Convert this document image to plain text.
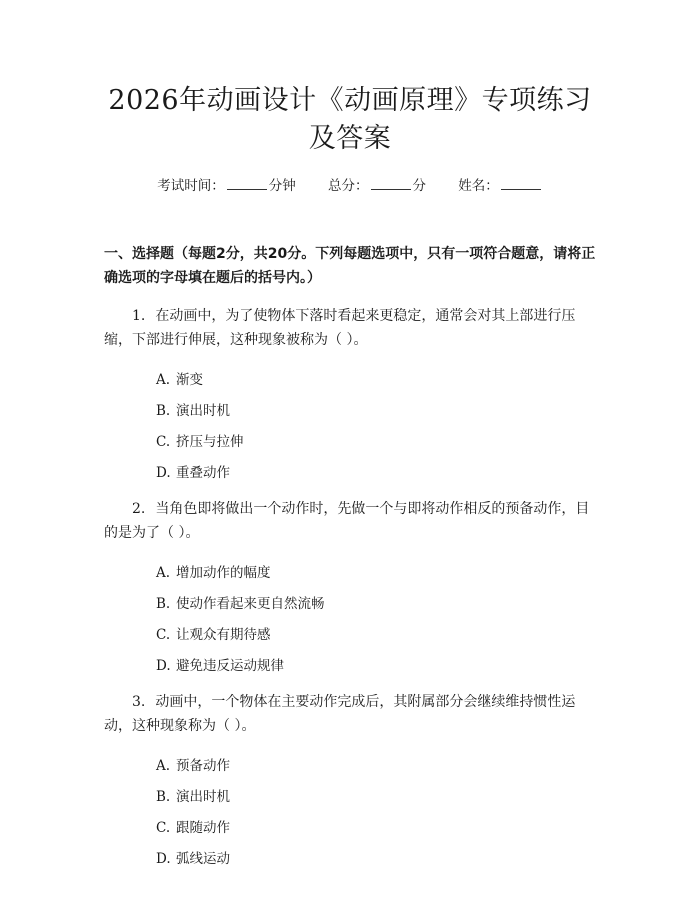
2026年动画设计《动画原理》专项练习及答案
考试时间：	分钟 总分：	分 姓名：
一、选择题（每题2分，共20分。下列每题选项中，只有一项符合题意，请将正确选项的字母填在题后的括号内。）
1. 在动画中，为了使物体下落时看起来更稳定，通常会对其上部进行压缩，下部进行伸展，这种现象被称为（ ）。
A. 渐变
B. 演出时机
C. 挤压与拉伸
D. 重叠动作
2. 当角色即将做出一个动作时，先做一个与即将动作相反的预备动作，目的是为了（ ）。
A. 增加动作的幅度
B. 使动作看起来更自然流畅
C. 让观众有期待感
D. 避免违反运动规律
3. 动画中，一个物体在主要动作完成后，其附属部分会继续维持惯性运动，这种现象称为（ ）。
A. 预备动作
B. 演出时机
C. 跟随动作
D. 弧线运动
